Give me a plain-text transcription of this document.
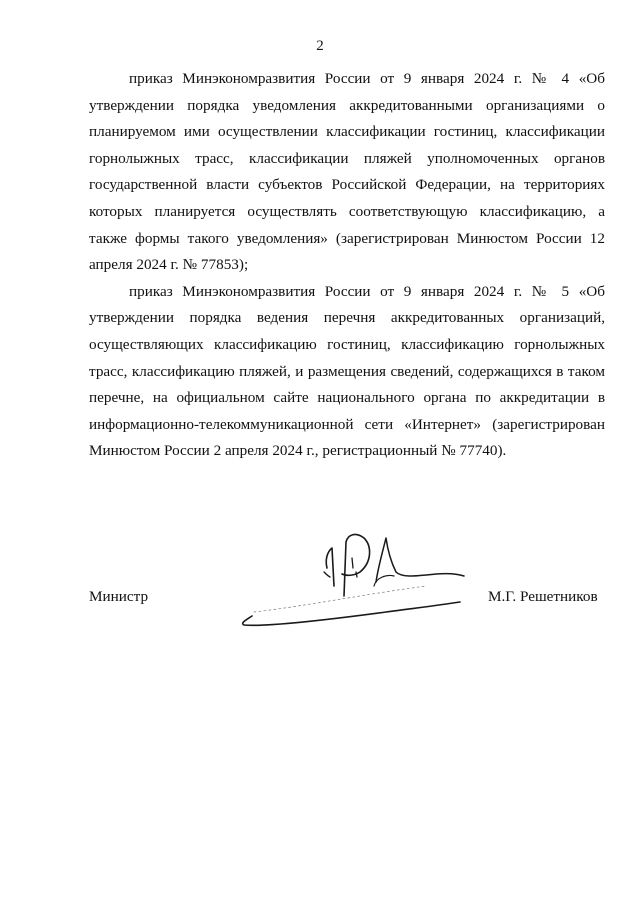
2

приказ Минэкономразвития России от 9 января 2024 г. № 4 «Об утверждении порядка уведомления аккредитованными организациями о планируемом ими осуществлении классификации гостиниц, классификации горнолыжных трасс, классификации пляжей уполномоченных органов государственной власти субъектов Российской Федерации, на территориях которых планируется осуществлять соответствующую классификацию, а также формы такого уведомления» (зарегистрирован Минюстом России 12 апреля 2024 г. № 77853);

приказ Минэкономразвития России от 9 января 2024 г. № 5 «Об утверждении порядка ведения перечня аккредитованных организаций, осуществляющих классификацию гостиниц, классификацию горнолыжных трасс, классификацию пляжей, и размещения сведений, содержащихся в таком перечне, на официальном сайте национального органа по аккредитации в информационно-телекоммуникационной сети «Интернет» (зарегистрирован Минюстом России 2 апреля 2024 г., регистрационный № 77740).

Министр	М.Г. Решетников
